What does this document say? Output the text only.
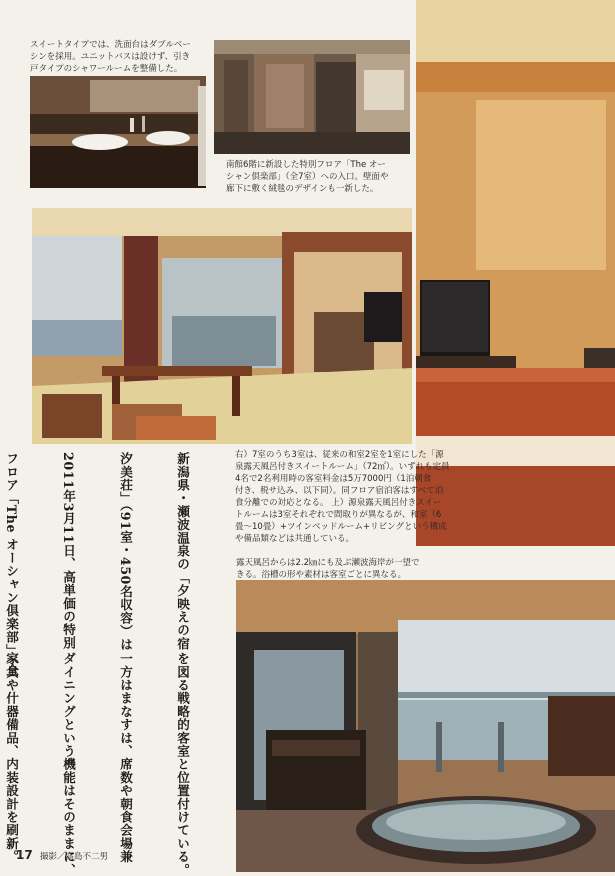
スイートタイプでは、洗面台はダブルベー
シンを採用。ユニットバスは設けず、引き
戸タイプのシャワールームを整備した。
南館6階に新設した特別フロア「The オー
シャン倶楽部」（全7室）への入口。壁面や
廊下に敷く絨毯のデザインも一新した。
右）7室のうち3室は、従来の和室2室を1室にした「源
泉露天風呂付きスイートルーム」（72㎡）。いずれも定員
4名で2名利用時の客室料金は5万7000円（1泊朝食
付き、税サ込み、以下同）。同フロア宿泊客はすべて泊
食分離での対応となる。 上）源泉露天風呂付きスイー
トルームは3室それぞれで間取りが異なるが、和室（6
畳〜10畳）+ツインベッドルーム+リビングという構成
や備品類などは共通している。
露天風呂からは2.2㎞にも及ぶ瀬波海岸が一望で
きる。浴槽の形や素材は客室ごとに異なる。

新潟県・瀬波温泉の「夕映えの宿

汐美荘」（91室・450名収容）は

2011年3月11日、高単価の特別

フロア「The オーシャン倶楽部」（全

を図る戦略的客室と位置付けている。

一方はまなすは、席数や朝食会場兼

ダイニングという機能はそのままに、

家具や什器備品、内装設計を刷新。

17 撮影／高島不二男
